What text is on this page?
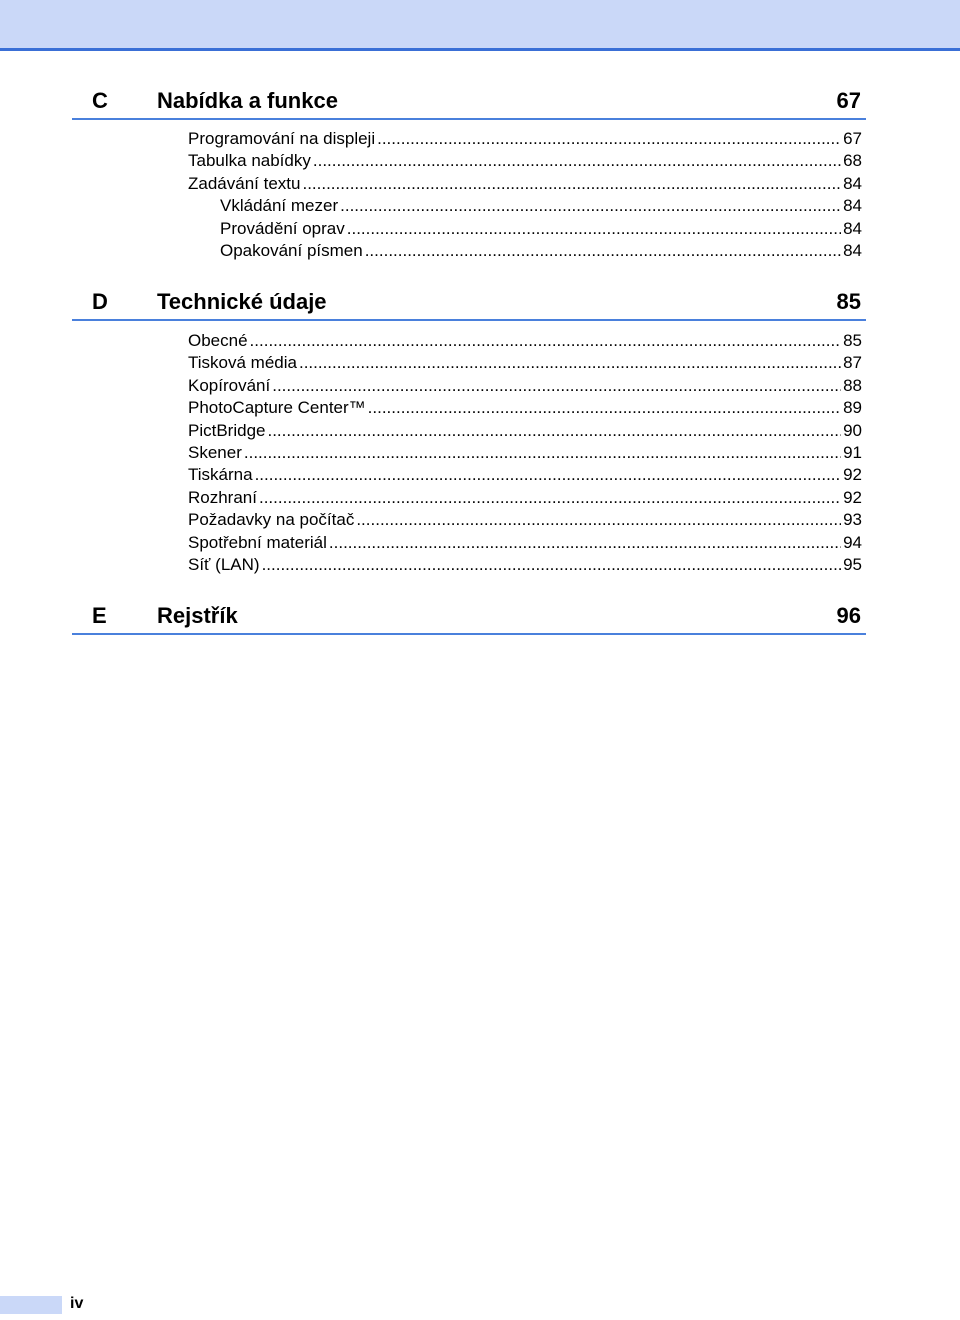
C Nabídka a funkce	67
Programování na displeji .....	67
Tabulka nabídky .....	68
Zadávání textu .....	84
Vkládání mezer .....	84
Provádění oprav .....	84
Opakování písmen .....	84
D Technické údaje	85
Obecné .....	85
Tisková média .....	87
Kopírování .....	88
PhotoCapture Center™ .....	89
PictBridge .....	90
Skener .....	91
Tiskárna .....	92
Rozhraní .....	92
Požadavky na počítač .....	93
Spotřební materiál .....	94
Síť (LAN) .....	95
E Rejstřík	96
iv
